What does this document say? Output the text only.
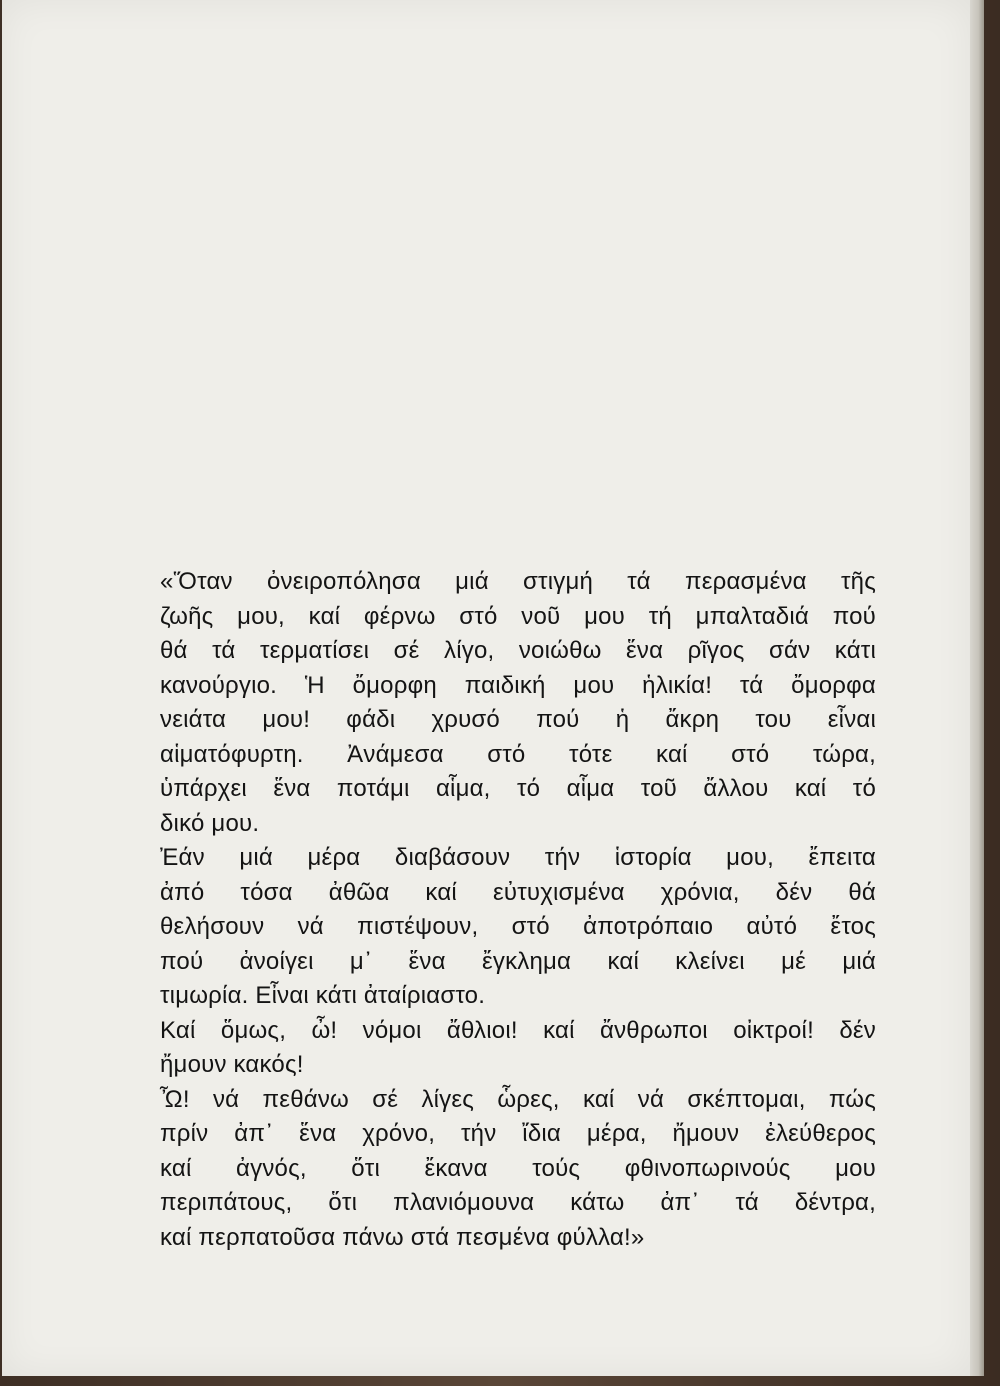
«Ὅταν ὀνειροπόλησα μιά στιγμή τά περασμένα τῆς
ζωῆς μου, καί φέρνω στό νοῦ μου τή μπαλταδιά πού
θά τά τερματίσει σέ λίγο, νοιώθω ἕνα ρῖγος σάν κάτι
κανούργιο. Ἡ ὄμορφη παιδική μου ἡλικία! τά ὄμορφα
νειάτα μου! φάδι χρυσό πού ἡ ἄκρη του εἶναι
αἱματόφυρτη. Ἀνάμεσα στό τότε καί στό τώρα,
ὑπάρχει ἕνα ποτάμι αἷμα, τό αἷμα τοῦ ἄλλου καί τό
δικό μου.
Ἐάν μιά μέρα διαβάσουν τήν ἱστορία μου, ἔπειτα
ἀπό τόσα ἀθῶα καί εὐτυχισμένα χρόνια, δέν θά
θελήσουν νά πιστέψουν, στό ἀποτρόπαιο αὐτό ἔτος
πού ἀνοίγει μ᾿ ἕνα ἔγκλημα καί κλείνει μέ μιά
τιμωρία. Εἶναι κάτι ἀταίριαστο.
Καί ὅμως, ὦ! νόμοι ἄθλιοι! καί ἄνθρωποι οἰκτροί! δέν
ἤμουν κακός!
Ὦ! νά πεθάνω σέ λίγες ὧρες, καί νά σκέπτομαι, πώς
πρίν ἀπ᾿ ἕνα χρόνο, τήν ἴδια μέρα, ἤμουν ἐλεύθερος
καί ἀγνός, ὅτι ἔκανα τούς φθινοπωρινούς μου
περιπάτους, ὅτι πλανιόμουνα κάτω ἀπ᾿ τά δέντρα,
καί περπατοῦσα πάνω στά πεσμένα φύλλα!»
